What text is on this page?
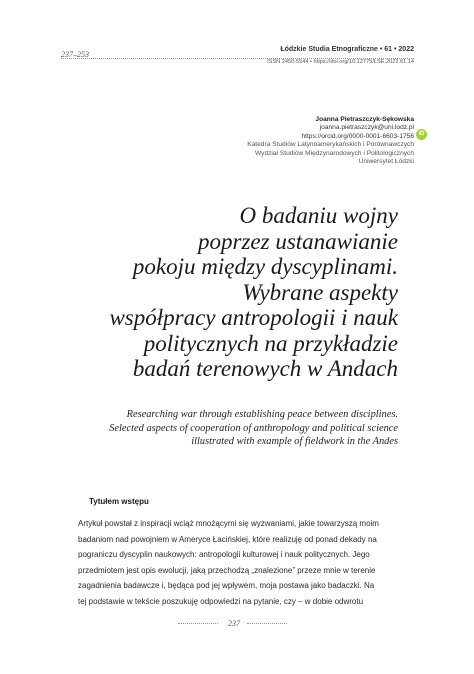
237–253
Łódzkie Studia Etnograficzne • 61 • 2022
ISSN 2450-5544 • https://doi.org/10.12775/LSE.2022.61.14
Joanna Pietraszczyk-Sękowska
joanna.pietraszczyk@uni.lodz.pl
https://orcid.org/0000-0001-6603-1756
Katedra Studiów Latynoamerykańskich i Porównawczych
Wydział Studiów Międzynarodowych i Politologicznych
Uniwersytet Łódzki
iD
O badaniu wojny
poprzez ustanawianie
pokoju między dyscyplinami.
Wybrane aspekty
współpracy antropologii i nauk
politycznych na przykładzie
badań terenowych w Andach
Researching war through establishing peace between disciplines.
Selected aspects of cooperation of anthropology and political science
illustrated with example of fieldwork in the Andes
Tytułem wstępu
Artykuł powstał z inspiracji wciąż mnożącymi się wyzwaniami, jakie towarzyszą moim
badaniom nad powojniem w Ameryce Łacińskiej, które realizuję od ponad dekady na
pograniczu dyscyplin naukowych: antropologii kulturowej i nauk politycznych. Jego
przedmiotem jest opis ewolucji, jaką przechodzą „znalezione” przeze mnie w terenie
zagadnienia badawcze i, będąca pod jej wpływem, moja postawa jako badaczki. Na
tej podstawie w tekście poszukuję odpowiedzi na pytanie, czy – w dobie odwrotu
237
